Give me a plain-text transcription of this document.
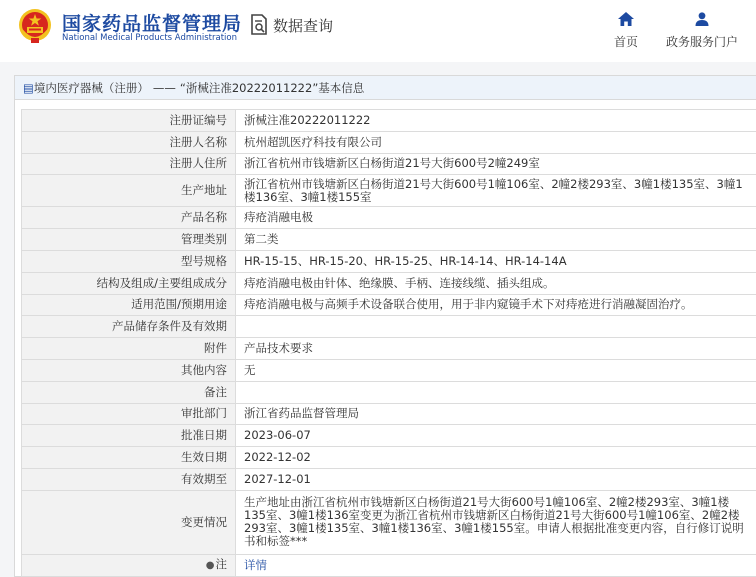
国家药品监督管理局
National Medical Products Administration
数据查询
首页	政务服务门户
▤ 境内医疗器械（注册） —— “浙械注准20222011222”基本信息
注册证编号	浙械注准20222011222
注册人名称	杭州超凯医疗科技有限公司
注册人住所	浙江省杭州市钱塘新区白杨街道21号大街600号2幢249室
生产地址	浙江省杭州市钱塘新区白杨街道21号大街600号1幢106室、2幢2楼293室、3幢1楼135室、3幢1楼136室、3幢1楼155室
产品名称	痔疮消融电极
管理类别	第二类
型号规格	HR-15-15、HR-15-20、HR-15-25、HR-14-14、HR-14-14A
结构及组成/主要组成成分	痔疮消融电极由针体、绝缘膜、手柄、连接线缆、插头组成。
适用范围/预期用途	痔疮消融电极与高频手术设备联合使用，用于非内窥镜手术下对痔疮进行消融凝固治疗。
产品储存条件及有效期	
附件	产品技术要求
其他内容	无
备注	
审批部门	浙江省药品监督管理局
批准日期	2023-06-07
生效日期	2022-12-02
有效期至	2027-12-01
变更情况	生产地址由浙江省杭州市钱塘新区白杨街道21号大街600号1幢106室、2幢2楼293室、3幢1楼135室、3幢1楼136室变更为浙江省杭州市钱塘新区白杨街道21号大街600号1幢106室、2幢2楼293室、3幢1楼135室、3幢1楼136室、3幢1楼155室。申请人根据批准变更内容，自行修订说明书和标签***
●注	详情
